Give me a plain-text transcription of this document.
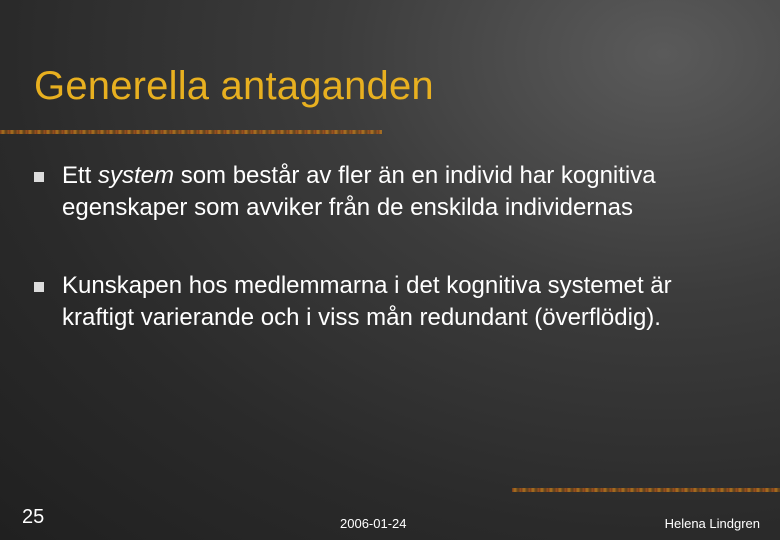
Generella antaganden
Ett system som består av fler än en individ har kognitiva egenskaper som avviker från de enskilda individernas
Kunskapen hos medlemmarna i det kognitiva systemet är kraftigt varierande och i viss mån redundant (överflödig).
25	2006-01-24	Helena Lindgren
